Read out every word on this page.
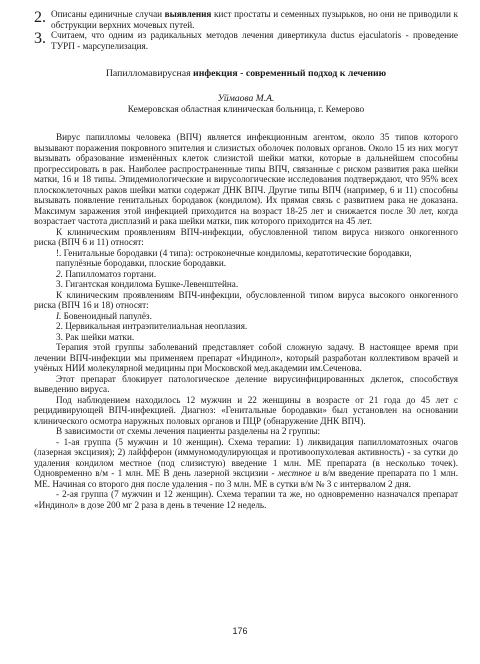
2. Описаны единичные случаи выявления кист простаты и семенных пузырьков, но они не приводили к обструкции верхних мочевых путей.

3. Считаем, что одним из радикальных методов лечения дивертикула ductus ejaculatoris - проведение ТУРП - марсупелизация.

Папилломавирусная инфекция - современный подход к лечению

Уймаова М.А.

Кемеровская областная клиническая больница, г. Кемерово

Вирус папилломы человека (ВПЧ) является инфекционным агентом, около 35 типов которого вызывают поражения покровного эпителия и слизистых оболочек половых органов. Около 15 из них могут вызывать образование изменённых клеток слизистой шейки матки, которые в дальнейшем способны прогрессировать в рак. Наиболее распространенные типы ВПЧ, связанные с риском развития рака шейки матки, 16 и 18 типы. Эпидемиологические и вирусологические исследования подтверждают, что 95% всех плоскоклеточных раков шейки матки содержат ДНК ВПЧ. Другие типы ВПЧ (например, 6 и 11) способны вызывать появление генитальных бородавок (кондилом). Их прямая связь с развитием рака не доказана. Максимум заражения этой инфекцией приходится на возраст 18-25 лет и снижается после 30 лет, когда возрастает частота дисплазий и рака шейки матки, пик которого приходится на 45 лет.

К клиническим проявлениям ВПЧ-инфекции, обусловленной типом вируса низкого онкогенного риска (ВПЧ 6 и 11) относят:

!. Генитальные бородавки (4 типа): остроконечные кондиломы, кератотические бородавки, папулёзные бородавки, плоские бородавки.

2. Папилломатоз гортани.

3. Гигантская кондилома Бушке-Левенштейна.

К клиническим проявлениям ВПЧ-инфекции, обусловленной типом вируса высокого онкогенного риска (ВПЧ 16 и 18) относят:

I. Бовеноидный папулёз.

2. Цервикальная интраэпителиальная неоплазия.

3. Рак шейки матки.

Терапия этой группы заболеваний представляет собой сложную задачу. В настоящее время при лечении ВПЧ-инфекции мы применяем препарат «Индинол», который разработан коллективом врачей и учёных НИИ молекулярной медицины при Московской мед.академии им.Сеченова.

Этот препарат блокирует патологическое деление вирусинфицированных дклеток, способствуя выведению вируса.

Под наблюдением находилось 12 мужчин и 22 женщины в возрасте от 21 года до 45 лет с рецидивирующей ВПЧ-инфекцией. Диагноз: «Генитальные бородавки» был установлен на основании клинического осмотра наружных половых органов и ПЦР (обнаружение ДНК ВПЧ).

В зависимости от схемы лечения пациенты разделены на 2 группы:

- 1-ая группа (5 мужчин и 10 женщин). Схема терапии: 1) ликвидация папилломатозных очагов (лазерная эксцизия); 2) лайфферон (иммуномодулирующая и противоопухолевая активность) - за сутки до удаления кондилом местное (под слизистую) введение 1 млн. МЕ препарата (в несколько точек). Одновременно в/м - 1 млн. МЕ В день лазерной эксцизии - местное и в/м введение препарата по 1 млн. МЕ. Начиная со второго дня после удаления - по 3 млн. МЕ в сутки в/м № 3 с интервалом 2 дня.

- 2-ая группа (7 мужчин и 12 женщин). Схема терапии та же, но одновременно назначался препарат «Индинол» в дозе 200 мг 2 раза в день в течение 12 недель.

176
